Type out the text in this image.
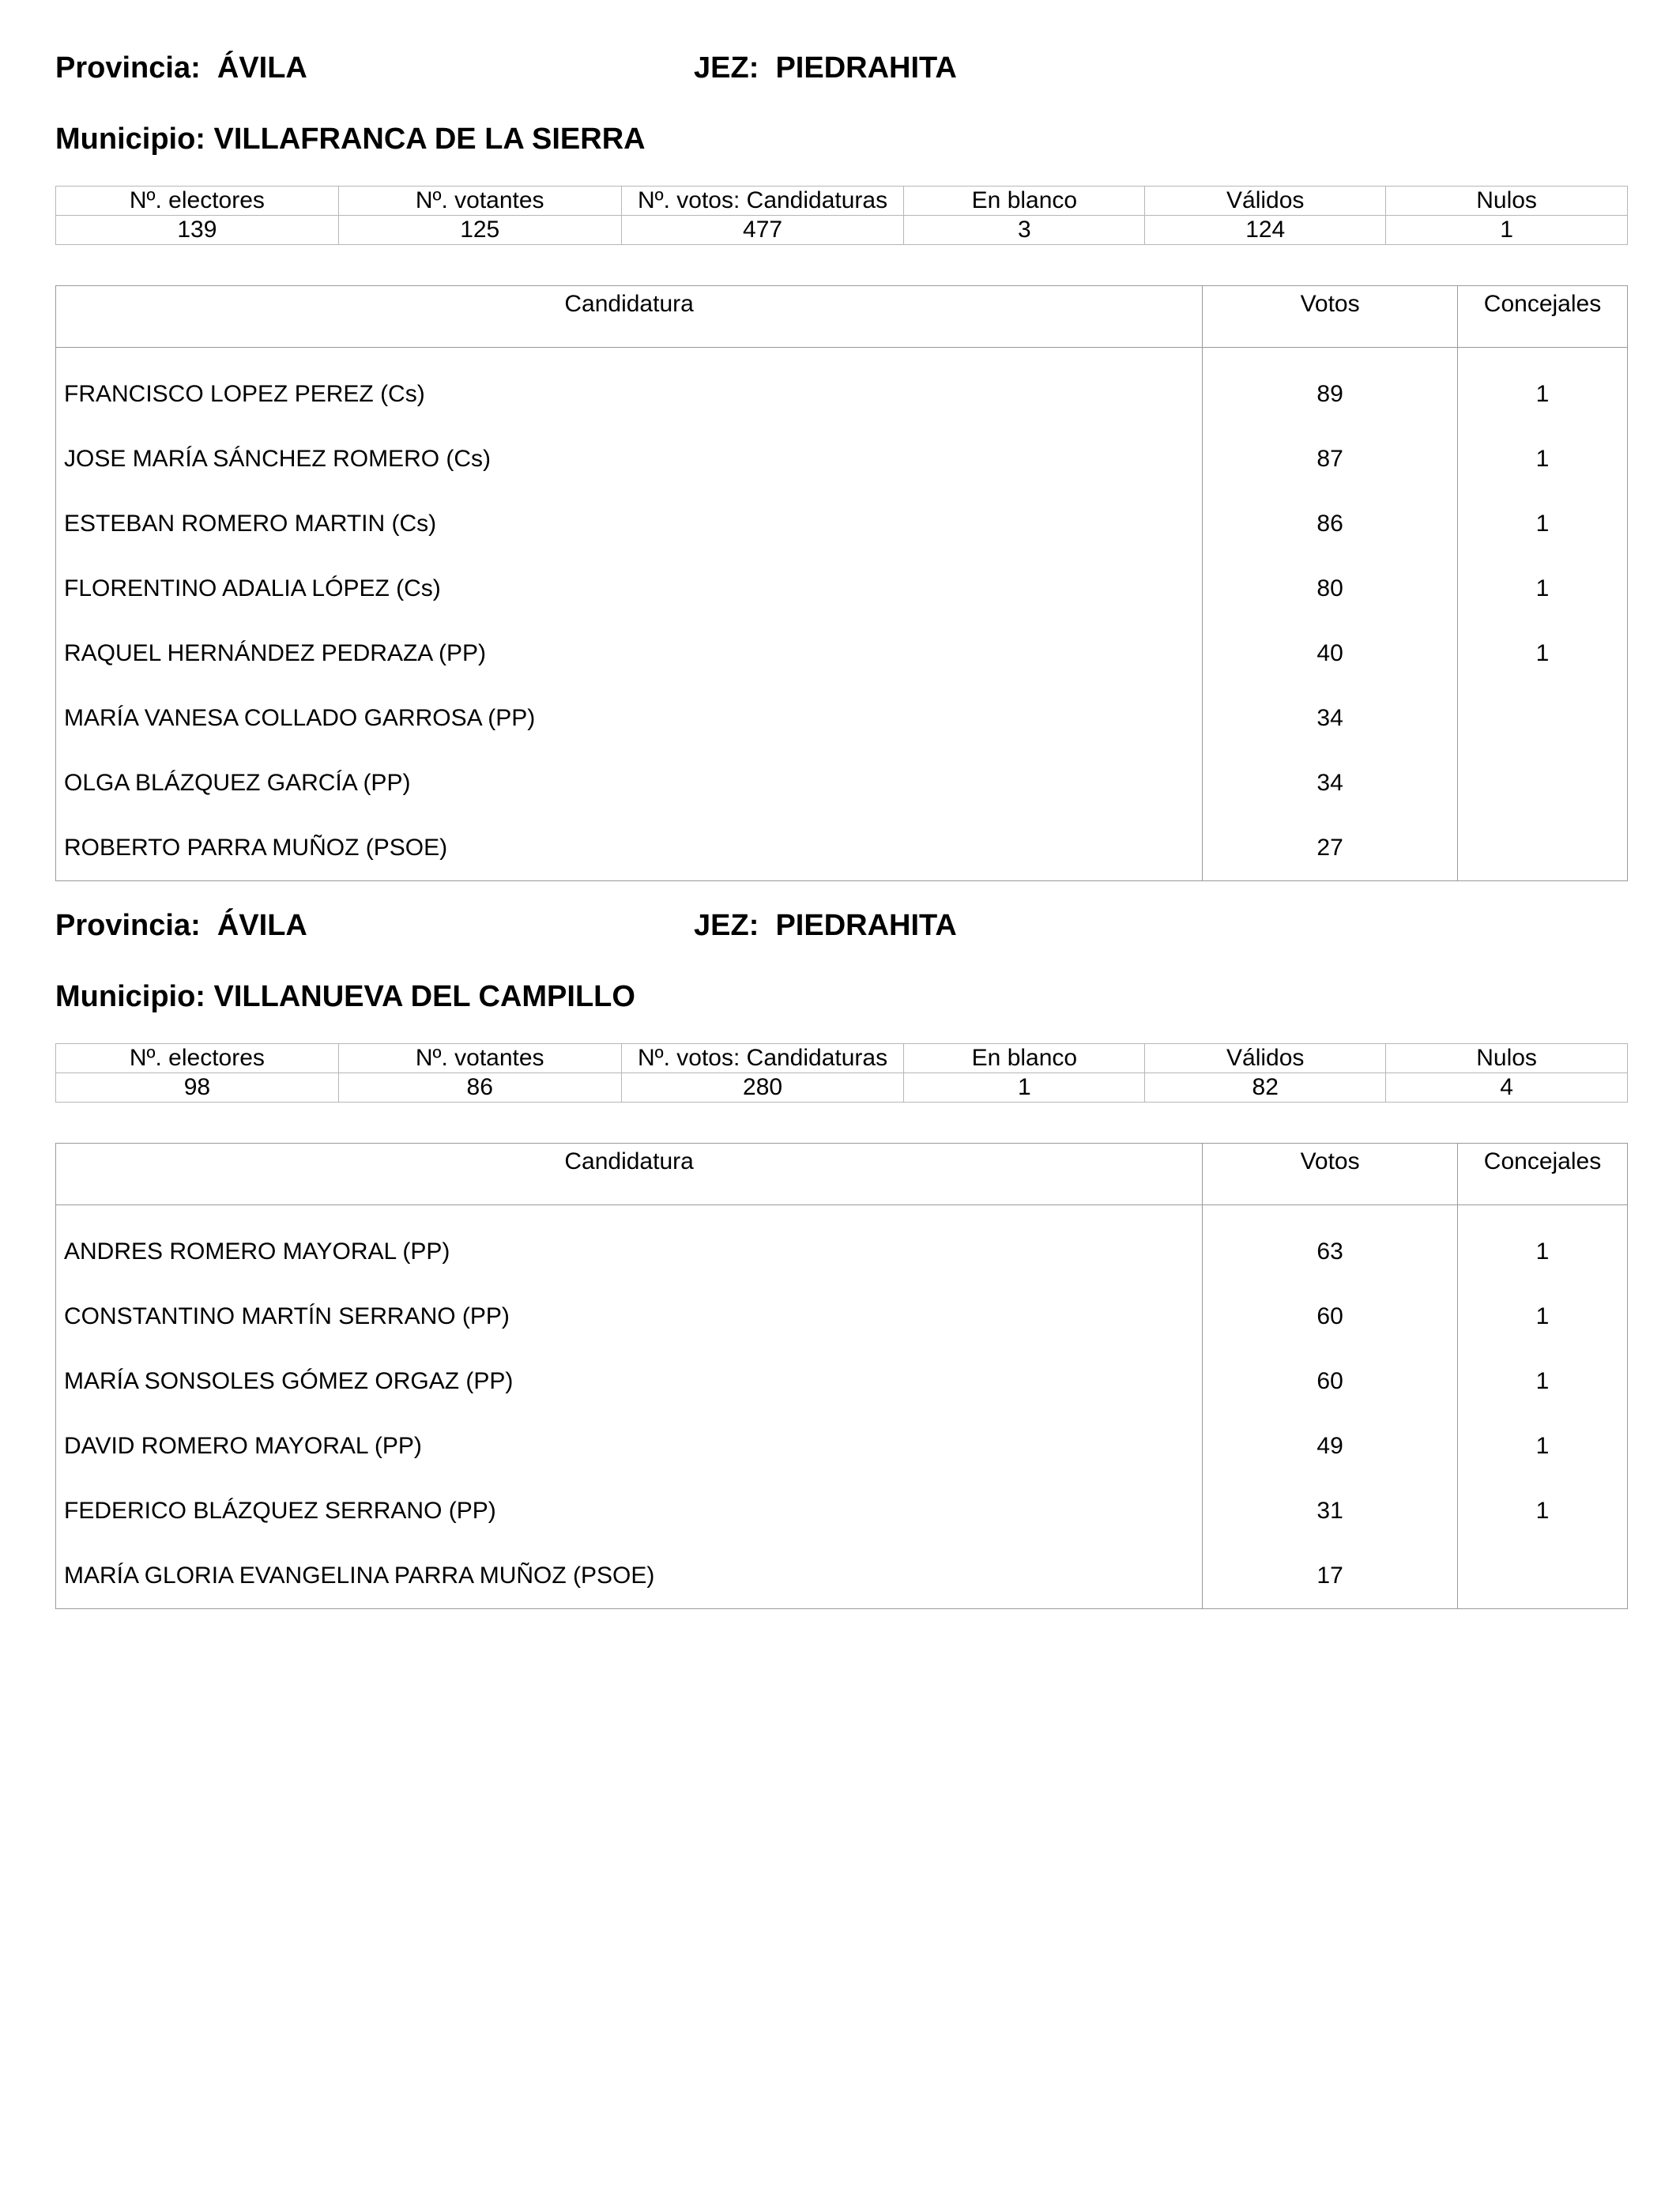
Provincia:  ÁVILA	JEZ:  PIEDRAHITA
Municipio: VILLAFRANCA DE LA SIERRA
Nº. electores	Nº. votantes	Nº. votos: Candidaturas	En blanco	Válidos	Nulos
139	125	477	3	124	1
Candidatura	Votos	Concejales

FRANCISCO LOPEZ PEREZ (Cs)	89	1
JOSE MARÍA SÁNCHEZ ROMERO (Cs)	87	1
ESTEBAN ROMERO MARTIN (Cs)	86	1
FLORENTINO ADALIA LÓPEZ (Cs)	80	1
RAQUEL HERNÁNDEZ PEDRAZA (PP)	40	1
MARÍA VANESA COLLADO GARROSA (PP)	34	
OLGA BLÁZQUEZ GARCÍA (PP)	34	
ROBERTO PARRA MUÑOZ (PSOE)	27	
Provincia:  ÁVILA	JEZ:  PIEDRAHITA
Municipio: VILLANUEVA DEL CAMPILLO
Nº. electores	Nº. votantes	Nº. votos: Candidaturas	En blanco	Válidos	Nulos
98	86	280	1	82	4
Candidatura	Votos	Concejales

ANDRES ROMERO MAYORAL (PP)	63	1
CONSTANTINO MARTÍN SERRANO (PP)	60	1
MARÍA SONSOLES GÓMEZ ORGAZ (PP)	60	1
DAVID ROMERO MAYORAL (PP)	49	1
FEDERICO BLÁZQUEZ SERRANO (PP)	31	1
MARÍA GLORIA EVANGELINA PARRA MUÑOZ (PSOE)	17	
